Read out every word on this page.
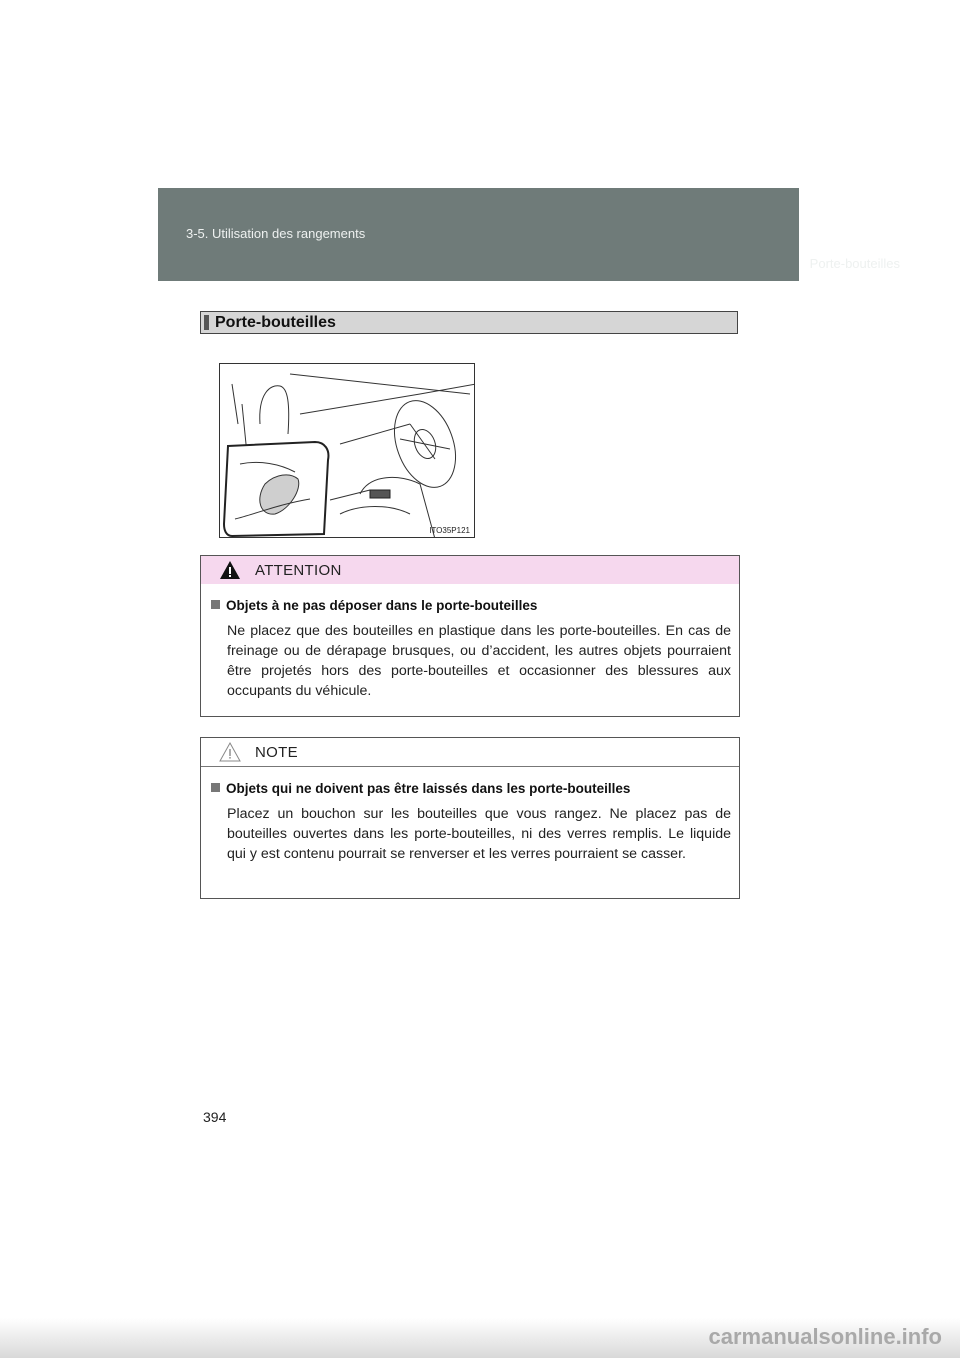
3-5. Utilisation des rangements
Porte-bouteilles
Porte-bouteilles
ITO35P121
ATTENTION
Objets à ne pas déposer dans le porte-bouteilles
Ne placez que des bouteilles en plastique dans les porte-bouteilles. En cas de freinage ou de dérapage brusques, ou d’accident, les autres objets pourraient être projetés hors des porte-bouteilles et occasionner des blessures aux occupants du véhicule.
NOTE
Objets qui ne doivent pas être laissés dans les porte-bouteilles
Placez un bouchon sur les bouteilles que vous rangez. Ne placez pas de bouteilles ouvertes dans les porte-bouteilles, ni des verres remplis. Le liquide qui y est contenu pourrait se renverser et les verres pourraient se casser.
394
carmanualsonline.info
